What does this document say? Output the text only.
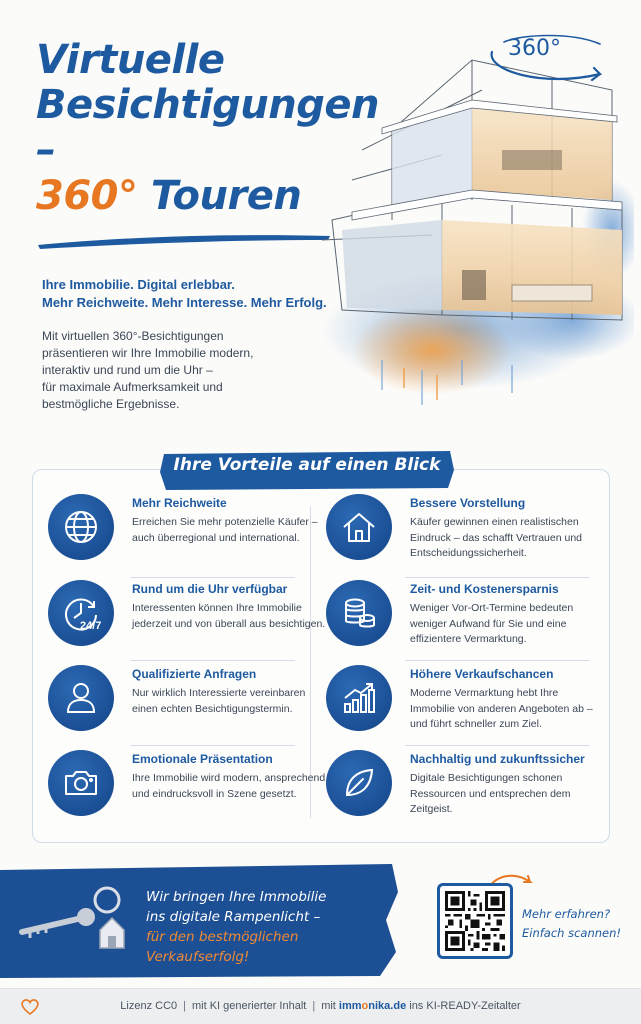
Virtuelle
Besichtigungen –
360° Touren
360°
Ihre Immobilie. Digital erlebbar.
Mehr Reichweite. Mehr Interesse. Mehr Erfolg.
Mit virtuellen 360°-Besichtigungen
präsentieren wir Ihre Immobilie modern,
interaktiv und rund um die Uhr –
für maximale Aufmerksamkeit und
bestmögliche Ergebnisse.
Ihre Vorteile auf einen Blick
Mehr Reichweite
Erreichen Sie mehr potenzielle Käufer – auch überregional und international.
Bessere Vorstellung
Käufer gewinnen einen realistischen Eindruck – das schafft Vertrauen und Entscheidungssicherheit.
24/7
Rund um die Uhr verfügbar
Interessenten können Ihre Immobilie jederzeit und von überall aus besichtigen.
Zeit- und Kostenersparnis
Weniger Vor-Ort-Termine bedeuten weniger Aufwand für Sie und eine effizientere Vermarktung.
Qualifizierte Anfragen
Nur wirklich Interessierte vereinbaren einen echten Besichtigungstermin.
Höhere Verkaufschancen
Moderne Vermarktung hebt Ihre Immobilie von anderen Angeboten ab – und führt schneller zum Ziel.
Emotionale Präsentation
Ihre Immobilie wird modern, ansprechend und eindrucksvoll in Szene gesetzt.
Nachhaltig und zukunftssicher
Digitale Besichtigungen schonen Ressourcen und entsprechen dem Zeitgeist.
Wir bringen Ihre Immobilie
ins digitale Rampenlicht –
für den bestmöglichen Verkaufserfolg!
Mehr erfahren?
Einfach scannen!
Lizenz CC0 | mit KI generierter Inhalt | mit immonika.de ins KI-READY-Zeitalter
